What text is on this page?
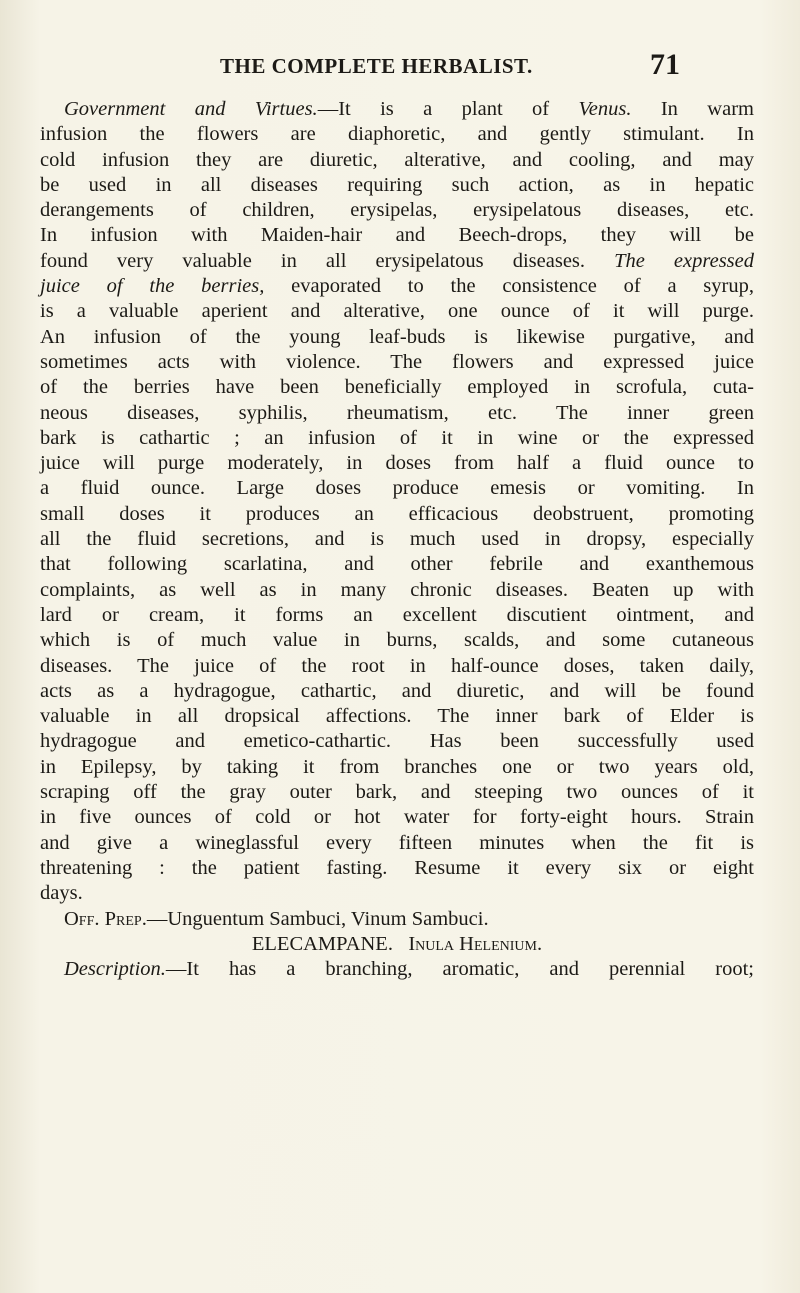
THE COMPLETE HERBALIST.	71
Government and Virtues.—It is a plant of Venus. In warm
infusion the flowers are diaphoretic, and gently stimulant. In
cold infusion they are diuretic, alterative, and cooling, and may
be used in all diseases requiring such action, as in hepatic
derangements of children, erysipelas, erysipelatous diseases, etc.
In infusion with Maiden-hair and Beech-drops, they will be
found very valuable in all erysipelatous diseases. The expressed
juice of the berries, evaporated to the consistence of a syrup,
is a valuable aperient and alterative, one ounce of it will purge.
An infusion of the young leaf-buds is likewise purgative, and
sometimes acts with violence. The flowers and expressed juice
of the berries have been beneficially employed in scrofula, cuta-
neous diseases, syphilis, rheumatism, etc. The inner green
bark is cathartic ; an infusion of it in wine or the expressed
juice will purge moderately, in doses from half a fluid ounce to
a fluid ounce. Large doses produce emesis or vomiting. In
small doses it produces an efficacious deobstruent, promoting
all the fluid secretions, and is much used in dropsy, especially
that following scarlatina, and other febrile and exanthemous
complaints, as well as in many chronic diseases. Beaten up with
lard or cream, it forms an excellent discutient ointment, and
which is of much value in burns, scalds, and some cutaneous
diseases. The juice of the root in half-ounce doses, taken daily,
acts as a hydragogue, cathartic, and diuretic, and will be found
valuable in all dropsical affections. The inner bark of Elder is
hydragogue and emetico-cathartic. Has been successfully used
in Epilepsy, by taking it from branches one or two years old,
scraping off the gray outer bark, and steeping two ounces of it
in five ounces of cold or hot water for forty-eight hours. Strain
and give a wineglassful every fifteen minutes when the fit is
threatening : the patient fasting. Resume it every six or eight
days.
Off. Prep.—Unguentum Sambuci, Vinum Sambuci.
ELECAMPANE. Inula Helenium.
Description.—It has a branching, aromatic, and perennial root;
